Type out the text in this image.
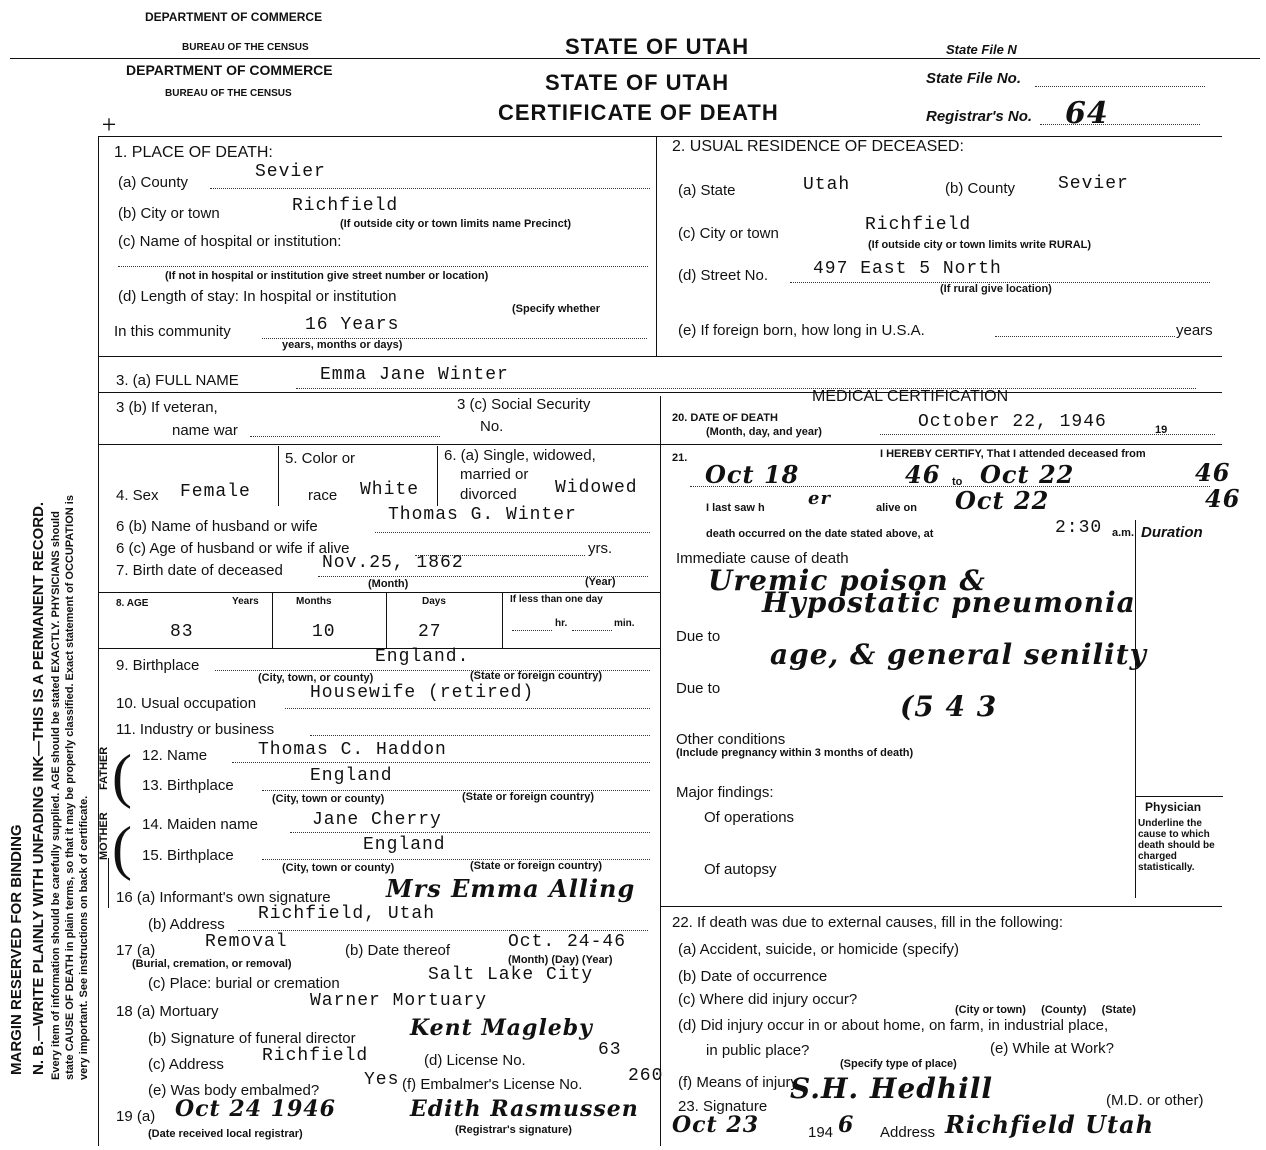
DEPARTMENT OF COMMERCE
BUREAU OF THE CENSUS	STATE OF UTAH	State File N
DEPARTMENT OF COMMERCE
BUREAU OF THE CENSUS	STATE OF UTAH
CERTIFICATE OF DEATH
State File No.
Registrar's No. 64
+
MARGIN RESERVED FOR BINDING N. B.—WRITE PLAINLY WITH UNFADING INK—THIS IS A PERMANENT RECORD. Every item of information should be carefully supplied. AGE should be stated EXACTLY. PHYSICIANS should state CAUSE OF DEATH in plain terms, so that it may be properly classified. Exact statement of OCCUPATION is very important. See instructions on back of certificate.
1. PLACE OF DEATH:
(a) County
Sevier
(b) City or town	Richfield
(If outside city or town limits name Precinct)
(c) Name of hospital or institution:
(If not in hospital or institution give street number or location)
(d) Length of stay: In hospital or institution
(Specify whether
In this community	16 Years
years, months or days)
2. USUAL RESIDENCE OF DECEASED:
(a) State	Utah	(b) County Sevier
(c) City or town	Richfield
(If outside city or town limits write RURAL)
(d) Street No. 497 East 5 North
(If rural give location)
(e) If foreign born, how long in U.S.A.	years
3. (a) FULL NAME	Emma Jane Winter
3 (b) If veteran,
name war
3 (c) Social Security
No.
5. Color or
race White
4. Sex Female
6. (a) Single, widowed,
married or
divorced Widowed
6 (b) Name of husband or wife
Thomas G. Winter
6 (c) Age of husband or wife if alive	yrs.
7. Birth date of deceased Nov.25, 1862
(Month)	(Year)
8. AGE	Years	Months	Days	If less than one day
83	10	27	hr.	min.
9. Birthplace	England.
(City, town, or county)	(State or foreign country)
10. Usual occupation
Housewife (retired)
11. Industry or business
FATHER
MOTHER
(
(
12. Name	Thomas C. Haddon
13. Birthplace	England
(City, town or county)	(State or foreign country)
14. Maiden name	Jane Cherry
15. Birthplace
England
(City, town or county)	(State or foreign country)
16 (a) Informant's own signature Mrs Emma Alling
(b) Address
Richfield, Utah
17 (a)	Removal
(Burial, cremation, or removal)
(b) Date thereof	Oct. 24-46
(Month) (Day) (Year)
(c) Place: burial or cremation	Salt Lake City
18 (a) Mortuary
Warner Mortuary
(b) Signature of funeral director Kent Magleby
(c) Address Richfield	(d) License No.
63
(e) Was body embalmed?
Yes (f) Embalmer's License No.	260
19 (a) Oct 24 1946	Edith Rasmussen
(Date received local registrar)	(Registrar's signature)
MEDICAL CERTIFICATION
20. DATE OF DEATH
(Month, day, and year)	October 22, 1946	19
21.	I HEREBY CERTIFY, That I attended deceased from
Oct 18	46 to Oct 22	46
I last saw h er	alive on Oct 22	46
death occurred on the date stated above, at	2:30 a.m. Duration
Immediate cause of death
Uremic poison &
Hypostatic pneumonia
Due to
age, & general senility
Due to
(5 4 3
Other conditions
(Include pregnancy within 3 months of death)
Major findings:
Of operations
Of autopsy
Physician
Underline the cause to which death should be charged statistically.
22. If death was due to external causes, fill in the following:
(a) Accident, suicide, or homicide (specify)
(b) Date of occurrence
(c) Where did injury occur?
(City or town)     (County)     (State)
(d) Did injury occur in or about home, on farm, in industrial place,
in public place?
(Specify type of place)
(e) While at Work?
(f) Means of injury
23. Signature
S.H. Hedhill	(M.D. or other)
Oct 23	194 6 Address Richfield Utah
